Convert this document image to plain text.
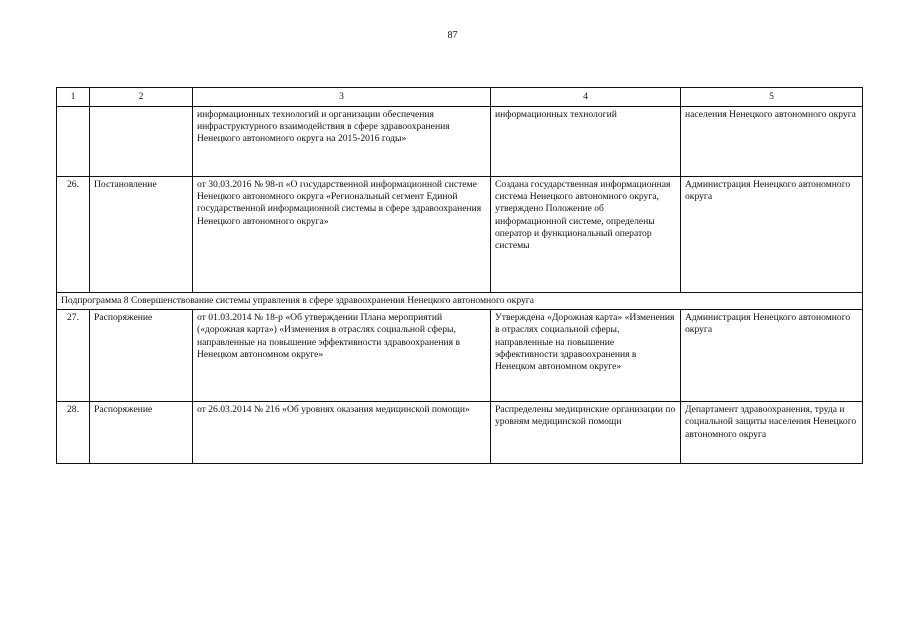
87
1	2	3	4	5
		информационных технологий и организации обеспечения инфраструктурного взаимодействия в сфере здравоохранения Ненецкого автономного округа на 2015-2016 годы»	информационных технологий	населения Ненецкого автономного округа
26.	Постановление	от 30.03.2016 № 98-п «О государственной информационной системе Ненецкого автономного округа «Региональный сегмент Единой государственной информационной системы в сфере здравоохранения Ненецкого автономного округа»	Создана государственная информационная система Ненецкого автономного округа, утверждено Положение об информационной системе, определены оператор и функциональный оператор системы	Администрация Ненецкого автономного округа
Подпрограмма 8 Совершенствование системы управления в сфере здравоохранения Ненецкого автономного округа				
27.	Распоряжение	от 01.03.2014 № 18-р «Об утверждении Плана мероприятий («дорожная карта») «Изменения в отраслях социальной сферы, направленные на повышение эффективности здравоохранения в Ненецком автономном округе»	Утверждена «Дорожная карта» «Изменения в отраслях социальной сферы, направленные на повышение эффективности здравоохранения в Ненецком автономном округе»	Администрация Ненецкого автономного округа
28.	Распоряжение	от 26.03.2014 № 216 «Об уровнях оказания медицинской помощи»	Распределены медицинские организации по уровням медицинской помощи	Департамент здравоохранения, труда и социальной защиты населения Ненецкого автономного округа
